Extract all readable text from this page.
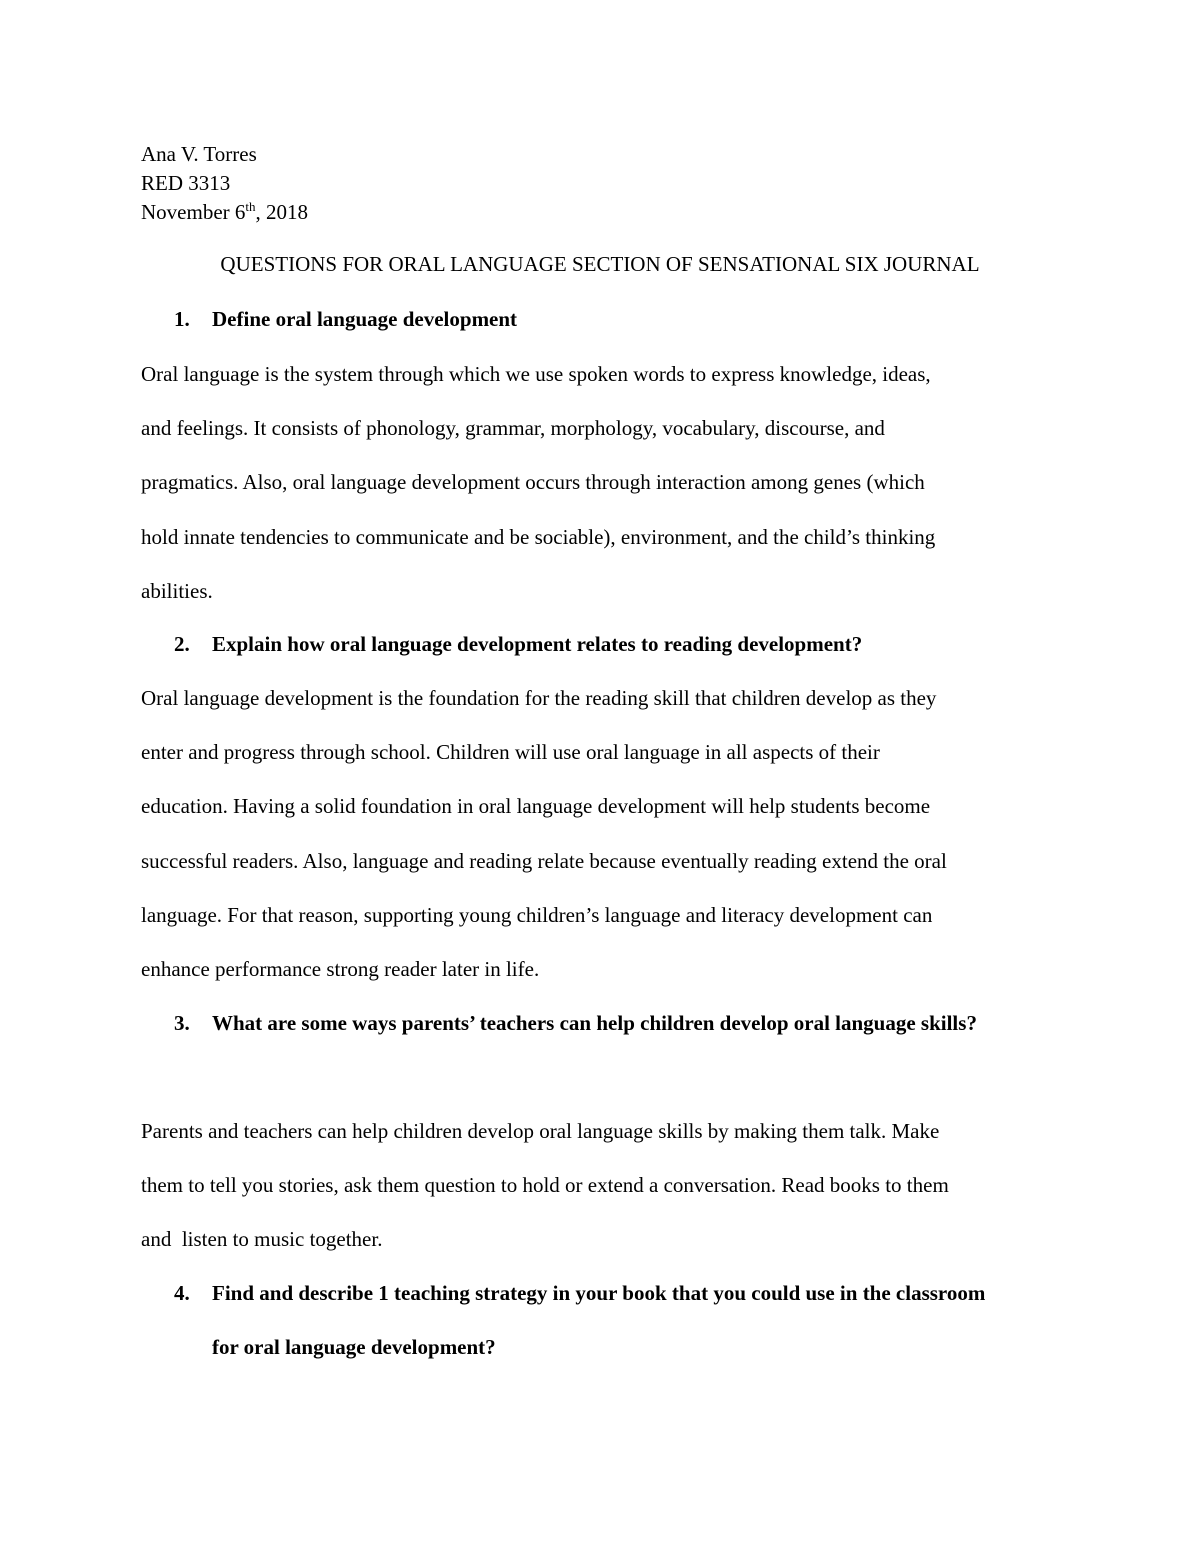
Ana V. Torres
RED 3313
November 6th, 2018
QUESTIONS FOR ORAL LANGUAGE SECTION OF SENSATIONAL SIX JOURNAL
1. Define oral language development
Oral language is the system through which we use spoken words to express knowledge, ideas,
and feelings. It consists of phonology, grammar, morphology, vocabulary, discourse, and
pragmatics. Also, oral language development occurs through interaction among genes (which
hold innate tendencies to communicate and be sociable), environment, and the child’s thinking
abilities.
2. Explain how oral language development relates to reading development?
Oral language development is the foundation for the reading skill that children develop as they
enter and progress through school. Children will use oral language in all aspects of their
education. Having a solid foundation in oral language development will help students become
successful readers. Also, language and reading relate because eventually reading extend the oral
language. For that reason, supporting young children’s language and literacy development can
enhance performance strong reader later in life.
3. What are some ways parents’ teachers can help children develop oral language skills?
Parents and teachers can help children develop oral language skills by making them talk. Make
them to tell you stories, ask them question to hold or extend a conversation. Read books to them
and  listen to music together.
4. Find and describe 1 teaching strategy in your book that you could use in the classroom for oral language development?
